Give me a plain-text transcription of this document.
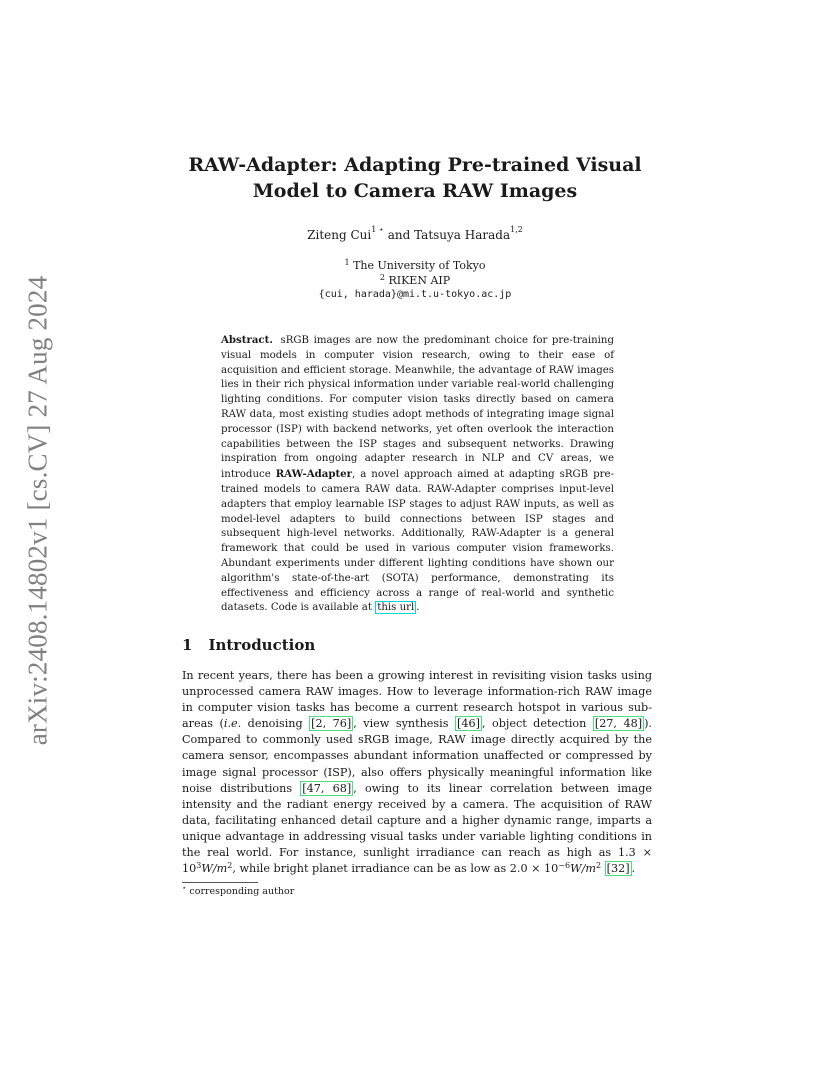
arXiv:2408.14802v1 [cs.CV] 27 Aug 2024
RAW-Adapter: Adapting Pre-trained Visual
Model to Camera RAW Images
Ziteng Cui$^{1 ⋆}$ and Tatsuya Harada$^{1,2}$
$^1$ The University of Tokyo
$^2$ RIKEN AIP
{cui, harada}@mi.t.u-tokyo.ac.jp
Abstract. sRGB images are now the predominant choice for pre-training visual models in computer vision research, owing to their ease of acquisition and efficient storage. Meanwhile, the advantage of RAW images lies in their rich physical information under variable real-world challenging lighting conditions. For computer vision tasks directly based on camera RAW data, most existing studies adopt methods of integrating image signal processor (ISP) with backend networks, yet often overlook the interaction capabilities between the ISP stages and subsequent networks. Drawing inspiration from ongoing adapter research in NLP and CV areas, we introduce RAW-Adapter, a novel approach aimed at adapting sRGB pre-trained models to camera RAW data. RAW-Adapter comprises input-level adapters that employ learnable ISP stages to adjust RAW inputs, as well as model-level adapters to build connections between ISP stages and subsequent high-level networks. Additionally, RAW-Adapter is a general framework that could be used in various computer vision frameworks. Abundant experiments under different lighting conditions have shown our algorithm's state-of-the-art (SOTA) performance, demonstrating its effectiveness and efficiency across a range of real-world and synthetic datasets. Code is available at this url .
1 Introduction
In recent years, there has been a growing interest in revisiting vision tasks using unprocessed camera RAW images. How to leverage information-rich RAW image in computer vision tasks has become a current research hotspot in various sub-areas (i.e. denoising [2, 76] , view synthesis [46] , object detection [27, 48] ). Compared to commonly used sRGB image, RAW image directly acquired by the camera sensor, encompasses abundant information unaffected or compressed by image signal processor (ISP), also offers physically meaningful information like noise distributions [47, 68] , owing to its linear correlation between image intensity and the radiant energy received by a camera. The acquisition of RAW data, facilitating enhanced detail capture and a higher dynamic range, imparts a unique advantage in addressing visual tasks under variable lighting conditions in the real world. For instance, sunlight irradiance can reach as high as $1.3 \times 10^3W/m^2$, while bright planet irradiance can be as low as $2.0 \times 10^{-6}W/m^2$ [32] .
⋆ corresponding author
